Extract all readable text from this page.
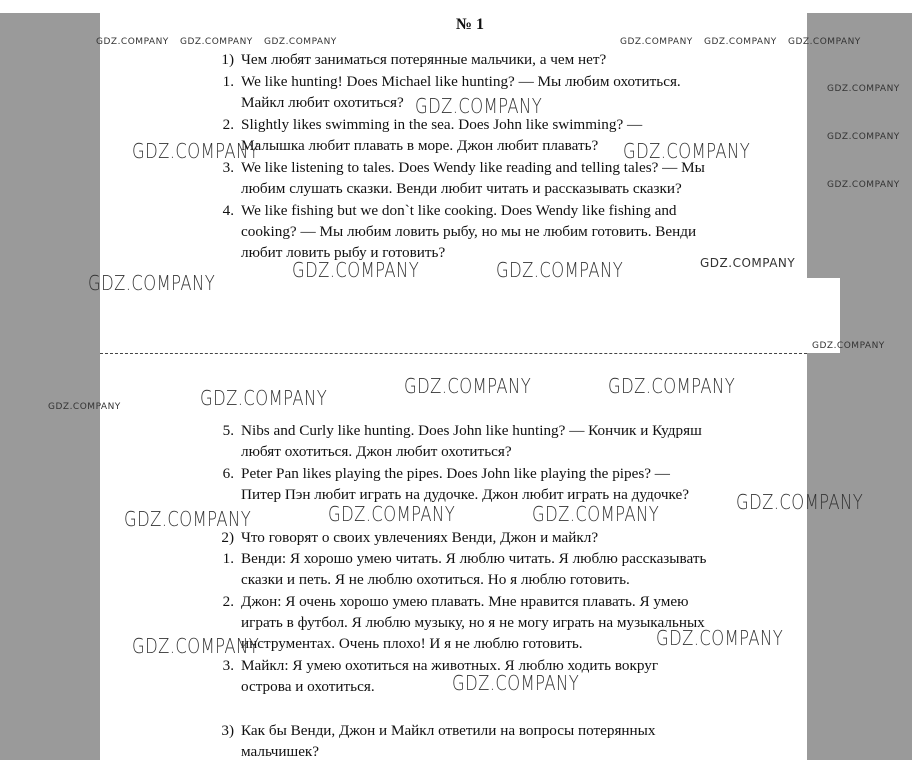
№ 1
1) Чем любят заниматься потерянные мальчики, а чем нет?
1. We like hunting! Does Michael like hunting? — Мы любим охотиться.
Майкл любит охотиться?
2. Slightly likes swimming in the sea. Does John like swimming? —
Малышка любит плавать в море. Джон любит плавать?
3. We like listening to tales. Does Wendy like reading and telling tales? — Мы
любим слушать сказки. Венди любит читать и рассказывать сказки?
4. We like fishing but we don`t like cooking. Does Wendy like fishing and
cooking? — Мы любим ловить рыбу, но мы не любим готовить. Венди
любит ловить рыбу и готовить?
5. Nibs and Curly like hunting. Does John like hunting? — Кончик и Кудряш
любят охотиться. Джон любит охотиться?
6. Peter Pan likes playing the pipes. Does John like playing the pipes? —
Питер Пэн любит играть на дудочке. Джон любит играть на дудочке?
2) Что говорят о своих увлечениях Венди, Джон и майкл?
1. Венди: Я хорошо умею читать. Я люблю читать. Я люблю рассказывать
сказки и петь. Я не люблю охотиться. Но я люблю готовить.
2. Джон: Я очень хорошо умею плавать. Мне нравится плавать. Я умею
играть в футбол. Я люблю музыку, но я не могу играть на музыкальных
инструментах. Очень плохо! И я не люблю готовить.
3. Майкл: Я умею охотиться на животных. Я люблю ходить вокруг
острова и охотиться.
3) Как бы Венди, Джон и Майкл ответили на вопросы потерянных
мальчишек?
GDZ.COMPANY GDZ.COMPANY GDZ.COMPANY	GDZ.COMPANY GDZ.COMPANY GDZ.COMPANY
GDZ.COMPANY
GDZ.COMPANY
GDZ.COMPANY
GDZ.COMPANY
GDZ.COMPANY
GDZ.COMPANY
GDZ.COMPANY	GDZ.COMPANY
GDZ.COMPANY
GDZ.COMPANY	GDZ.COMPANY	GDZ.COMPANY
GDZ.COMPANY	GDZ.COMPANY	GDZ.COMPANY
GDZ.COMPANY
GDZ.COMPANY	GDZ.COMPANY	GDZ.COMPANY
GDZ.COMPANY	GDZ.COMPANY
GDZ.COMPANY
